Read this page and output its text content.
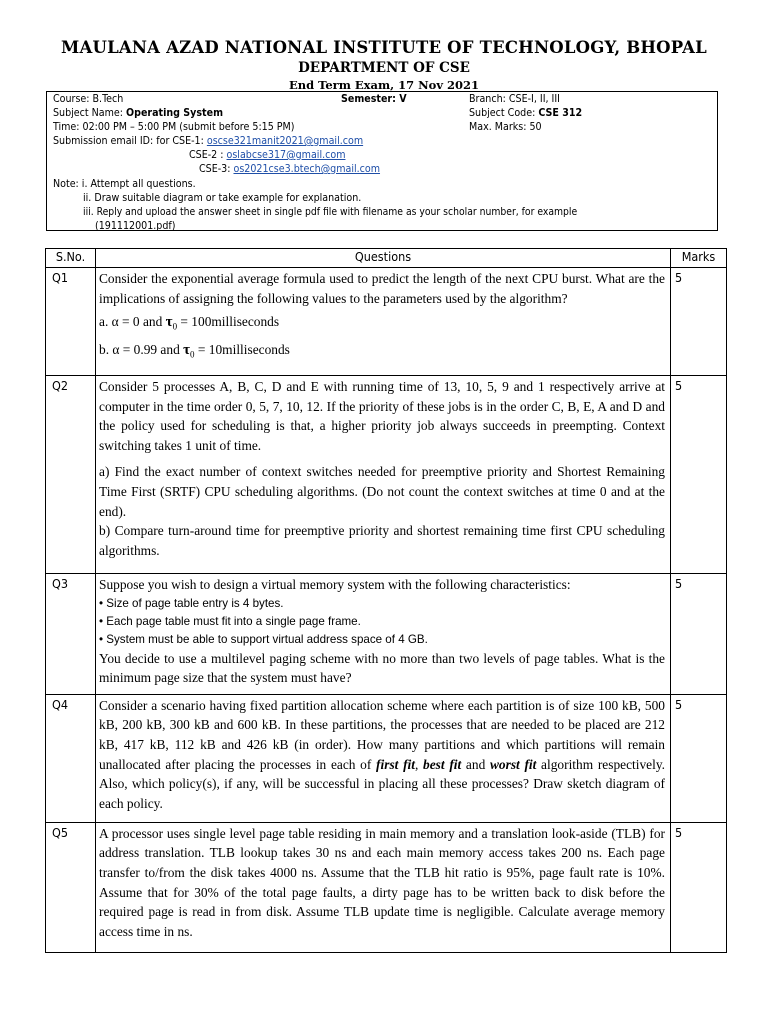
MAULANA AZAD NATIONAL INSTITUTE OF TECHNOLOGY, BHOPAL
DEPARTMENT OF CSE
End Term Exam, 17 Nov 2021
Course: B.Tech	Semester: V	Branch: CSE-I, II, III
Subject Name: Operating System	Subject Code: CSE 312
Time: 02:00 PM – 5:00 PM (submit before 5:15 PM)	Max. Marks: 50
Submission email ID: for CSE-1: oscse321manit2021@gmail.com
CSE-2 : oslabcse317@gmail.com
CSE-3: os2021cse3.btech@gmail.com
Note: i. Attempt all questions.
ii. Draw suitable diagram or take example for explanation.
iii. Reply and upload the answer sheet in single pdf file with filename as your scholar number, for example
(191112001.pdf)
S.No.	Questions	Marks
Q1	Consider the exponential average formula used to predict the length of the next CPU burst. What are the implications of assigning the following values to the parameters used by the algorithm?

a. α = 0 and $\tau_0$ = 100milliseconds

b. α = 0.99 and $\tau_0$ = 10milliseconds	5
Q2	Consider 5 processes A, B, C, D and E with running time of 13, 10, 5, 9 and 1 respectively arrive at computer in the time order 0, 5, 7, 10, 12. If the priority of these jobs is in the order C, B, E, A and D and the policy used for scheduling is that, a higher priority job always succeeds in preempting. Context switching takes 1 unit of time.

a) Find the exact number of context switches needed for preemptive priority and Shortest Remaining Time First (SRTF) CPU scheduling algorithms. (Do not count the context switches at time 0 and at the end).

b) Compare turn-around time for preemptive priority and shortest remaining time first CPU scheduling algorithms.	5
Q3	Suppose you wish to design a virtual memory system with the following characteristics:

• Size of page table entry is 4 bytes.

• Each page table must fit into a single page frame.

• System must be able to support virtual address space of 4 GB.

You decide to use a multilevel paging scheme with no more than two levels of page tables. What is the minimum page size that the system must have?	5
Q4	Consider a scenario having fixed partition allocation scheme where each partition is of size 100 kB, 500 kB, 200 kB, 300 kB and 600 kB. In these partitions, the processes that are needed to be placed are 212 kB, 417 kB, 112 kB and 426 kB (in order). How many partitions and which partitions will remain unallocated after placing the processes in each of first fit, best fit and worst fit algorithm respectively. Also, which policy(s), if any, will be successful in placing all these processes? Draw sketch diagram of each policy.	5
Q5	A processor uses single level page table residing in main memory and a translation look-aside (TLB) for address translation. TLB lookup takes 30 ns and each main memory access takes 200 ns. Each page transfer to/from the disk takes 4000 ns. Assume that the TLB hit ratio is 95%, page fault rate is 10%. Assume that for 30% of the total page faults, a dirty page has to be written back to disk before the required page is read in from disk. Assume TLB update time is negligible. Calculate average memory access time in ns.	5
